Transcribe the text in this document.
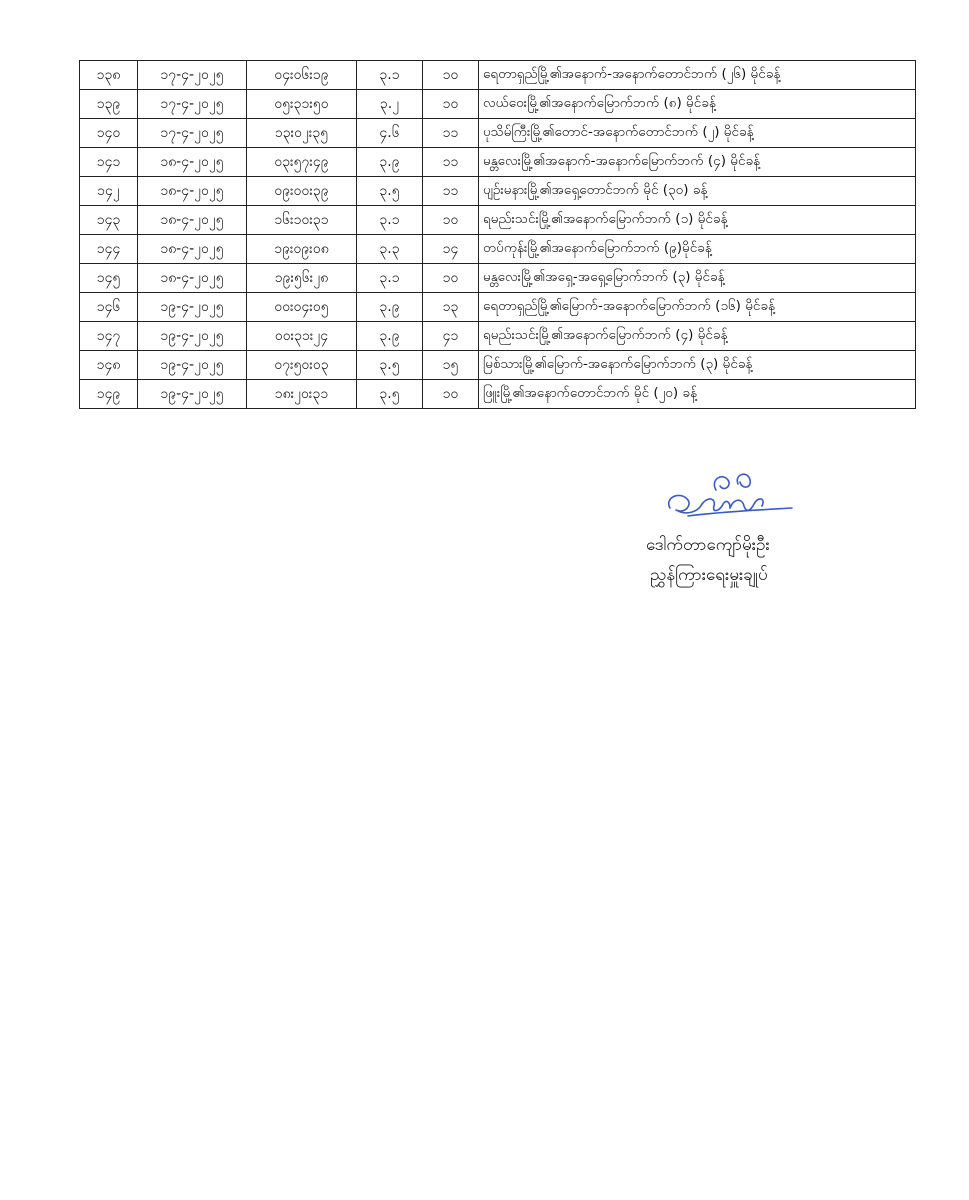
၁၃၈	၁၇-၄-၂၀၂၅	၀၄း၀၆း၁၉	၃.၁	၁၀	ရေတာရှည်မြို့၏အနောက်-အနောက်တောင်ဘက် (၂၆) မိုင်ခန့်
၁၃၉	၁၇-၄-၂၀၂၅	၀၅း၃၁း၅၀	၃.၂	၁၀	လယ်ဝေးမြို့၏အနောက်မြောက်ဘက် (၈) မိုင်ခန့်
၁၄၀	၁၇-၄-၂၀၂၅	၁၃း၀၂း၃၅	၄.၆	၁၁	ပုသိမ်ကြီးမြို့၏တောင်-အနောက်တောင်ဘက် (၂) မိုင်ခန့်
၁၄၁	၁၈-၄-၂၀၂၅	၀၃း၅၇း၄၉	၃.၉	၁၁	မန္တလေးမြို့၏အနောက်-အနောက်မြောက်ဘက် (၄) မိုင်ခန့်
၁၄၂	၁၈-၄-၂၀၂၅	၀၉း၀၀း၃၉	၃.၅	၁၁	ပျဉ်းမနားမြို့၏အရှေ့တောင်ဘက် မိုင် (၃၀) ခန့်
၁၄၃	၁၈-၄-၂၀၂၅	၁၆း၁၀း၃၁	၃.၁	၁၀	ရမည်းသင်းမြို့၏အနောက်မြောက်ဘက် (၁) မိုင်ခန့်
၁၄၄	၁၈-၄-၂၀၂၅	၁၉း၀၉း၀၈	၃.၃	၁၄	တပ်ကုန်းမြို့၏အနောက်မြောက်ဘက် (၉)မိုင်ခန့်
၁၄၅	၁၈-၄-၂၀၂၅	၁၉း၅၆း၂၈	၃.၁	၁၀	မန္တလေးမြို့၏အရှေ့-အရှေ့မြောက်ဘက် (၃) မိုင်ခန့်
၁၄၆	၁၉-၄-၂၀၂၅	၀၀း၀၄း၀၅	၃.၉	၁၃	ရေတာရှည်မြို့၏မြောက်-အနောက်မြောက်ဘက် (၁၆) မိုင်ခန့်
၁၄၇	၁၉-၄-၂၀၂၅	၀၀း၃၁း၂၄	၃.၉	၄၁	ရမည်းသင်းမြို့၏အနောက်မြောက်ဘက် (၄) မိုင်ခန့်
၁၄၈	၁၉-၄-၂၀၂၅	၀၇း၅၀း၀၃	၃.၅	၁၅	မြစ်သားမြို့၏မြောက်-အနောက်မြောက်ဘက် (၃) မိုင်ခန့်
၁၄၉	၁၉-၄-၂၀၂၅	၁၈း၂၀း၃၁	၃.၅	၁၀	ဖြူးမြို့၏အနောက်တောင်ဘက် မိုင် (၂၀) ခန့်
ဒေါက်တာကျော်မိုးဦး
ညွှန်ကြားရေးမှူးချုပ်
